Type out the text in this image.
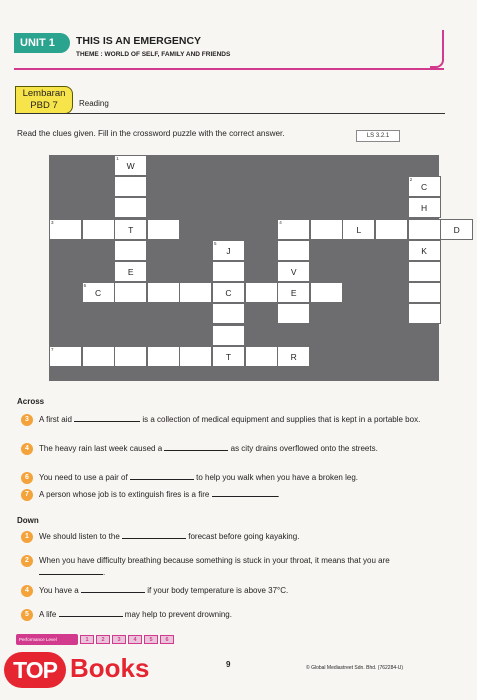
UNIT 1	THIS IS AN EMERGENCY
THEME : WORLD OF SELF, FAMILY AND FRIENDS
Lembaran
PBD 7	Reading
Read the clues given. Fill in the crossword puzzle with the correct answer.	LS 3.2.1
1
W
3
T
E
6
C	C	E
5
J
7
T	R
4
L	D
V
2
C
H
K
Across
3	A first aid	is a collection of medical equipment and supplies that is kept in a portable box.
4	The heavy rain last week caused a	as city drains overflowed onto the streets.
6	You need to use a pair of	to help you walk when you have a broken leg.
7	A person whose job is to extinguish fires is a fire	.
Down
1	We should listen to the	forecast before going kayaking.
2	When you have difficulty breathing because something is stuck in your throat, it means that you are .
4	You have a	if your body temperature is above 37°C.
5	A life	may help to prevent drowning.
Performance Level	1	2	3	4	5	6
9	© Global Mediastreet Sdn. Bhd. (762284-U)
TOP Books
